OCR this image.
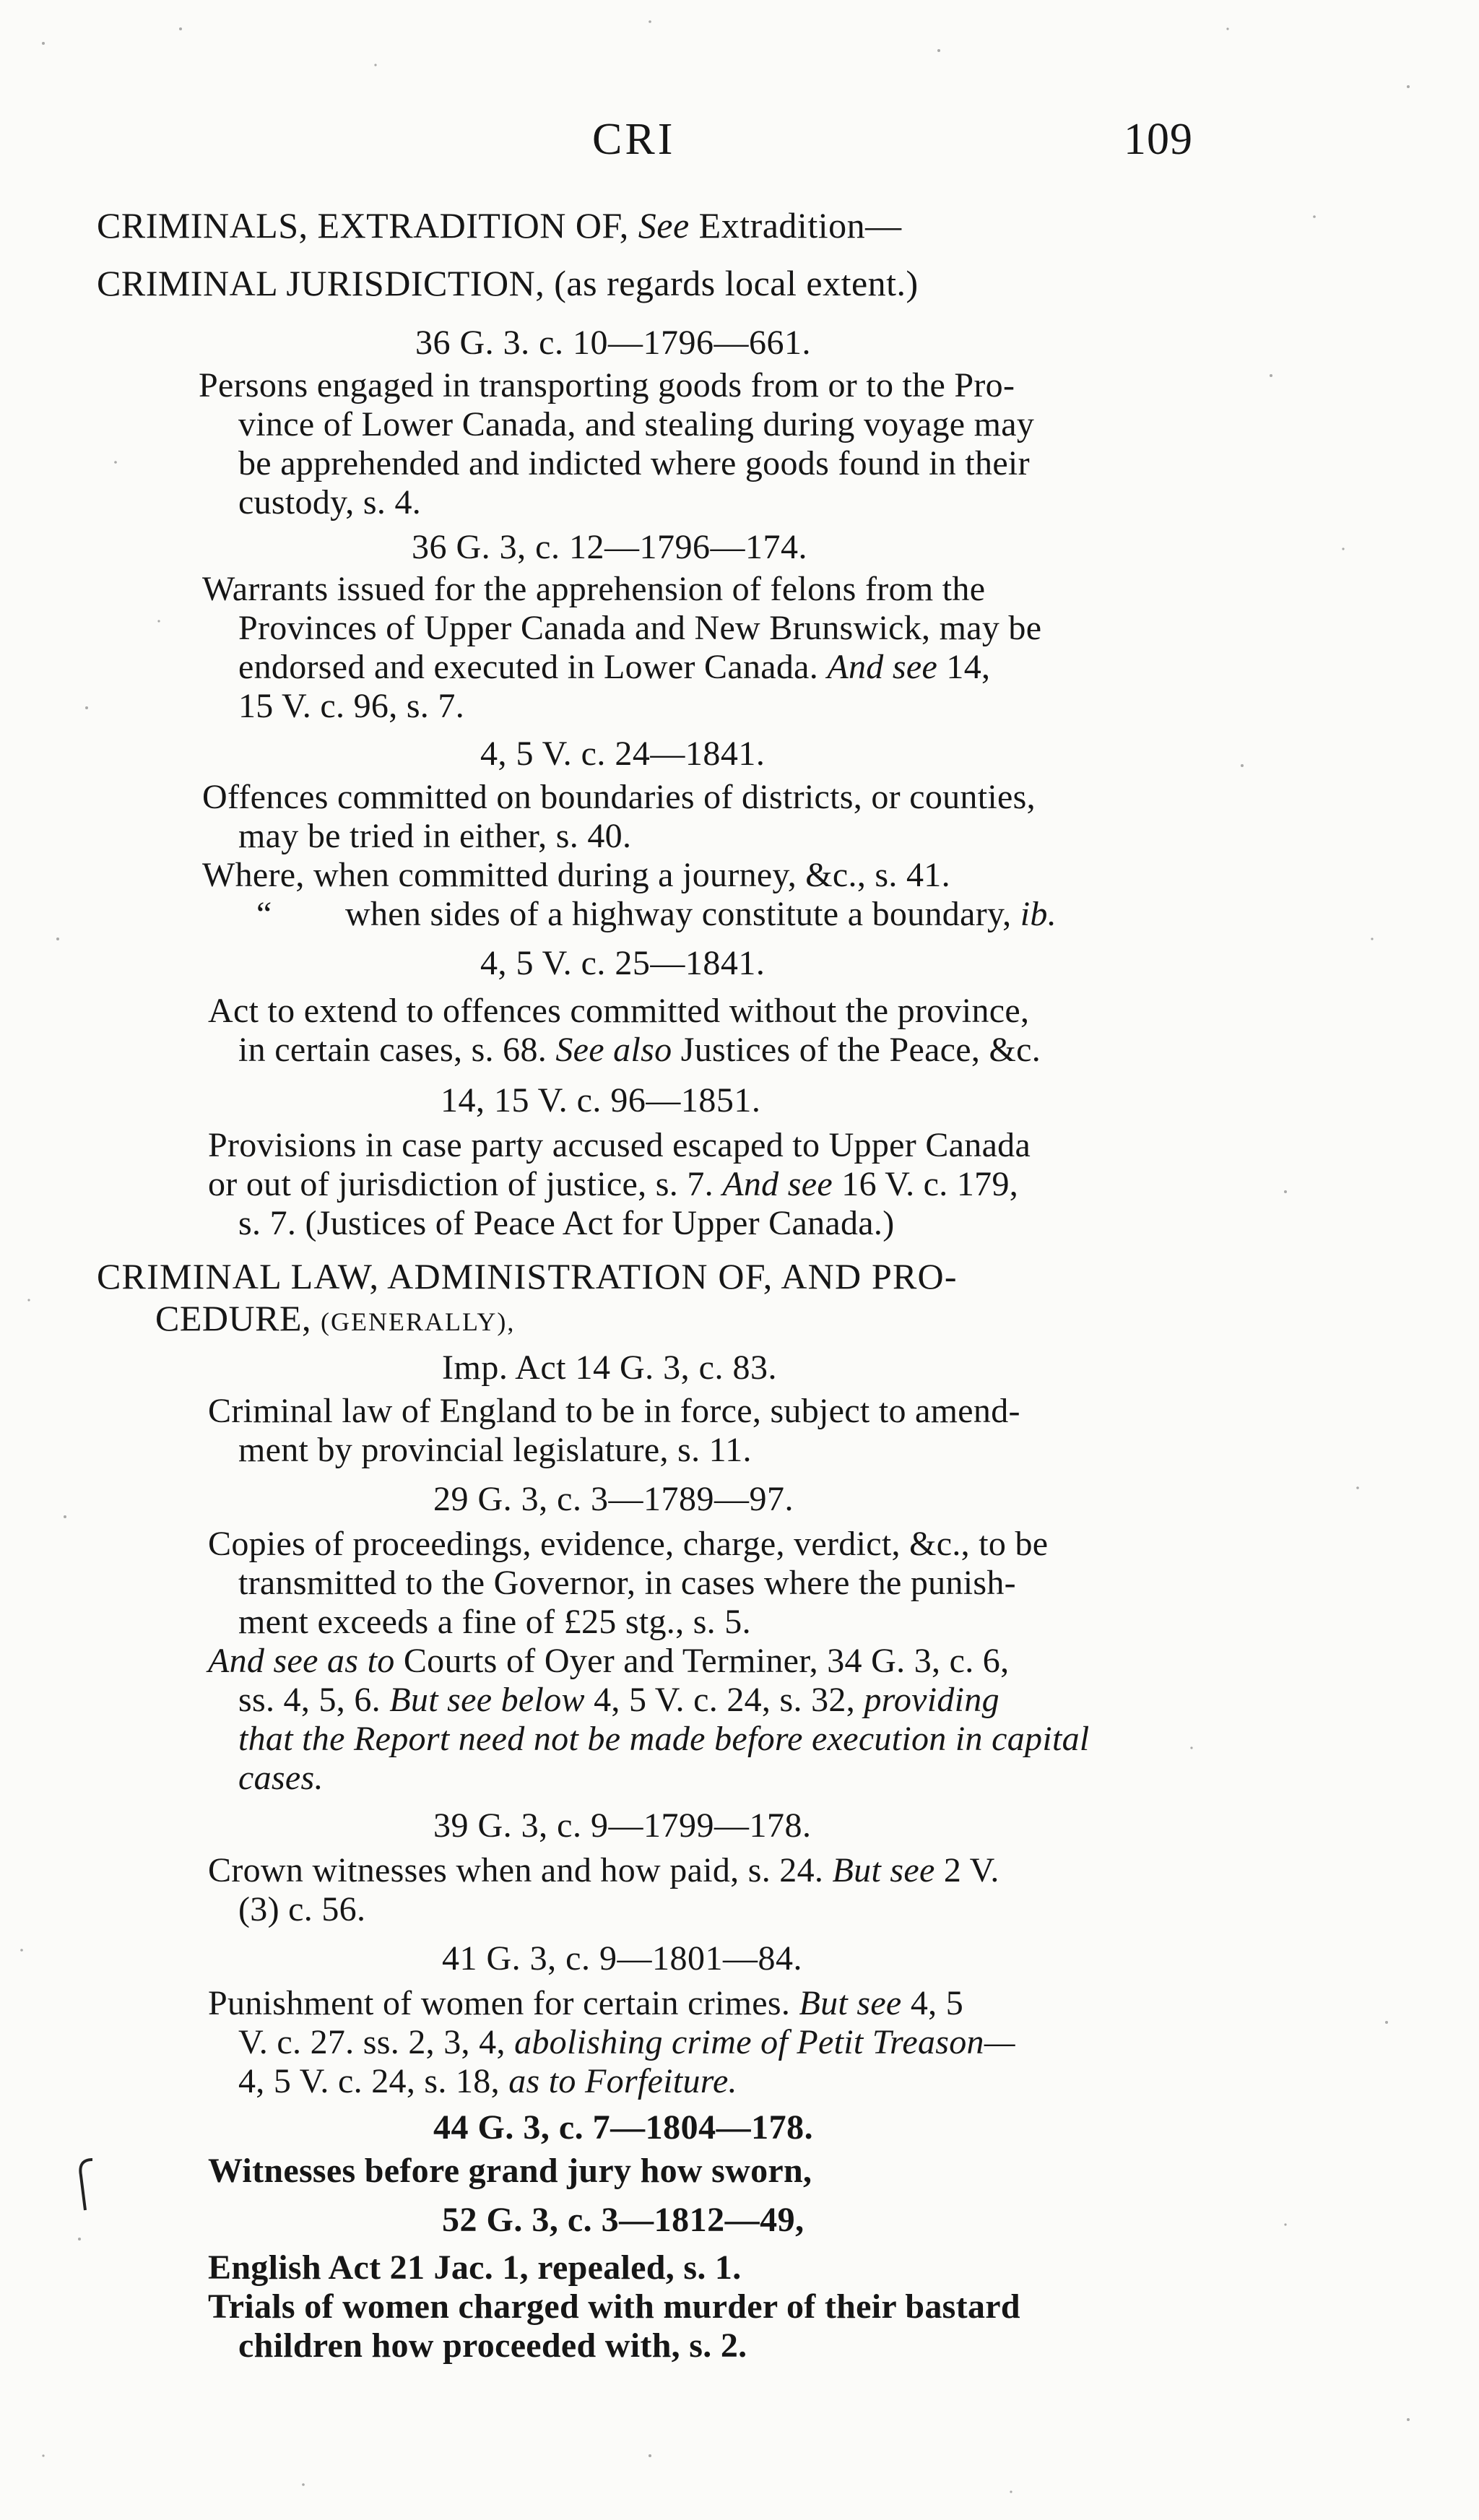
CRI	109
CRIMINALS, EXTRADITION OF, See Extradition—
CRIMINAL JURISDICTION, (as regards local extent.)
36 G. 3. c. 10—1796—661.
Persons engaged in transporting goods from or to the Pro-
vince of Lower Canada, and stealing during voyage may
be apprehended and indicted where goods found in their
custody, s. 4.
36 G. 3, c. 12—1796—174.
Warrants issued for the apprehension of felons from the
Provinces of Upper Canada and New Brunswick, may be
endorsed and executed in Lower Canada. And see 14,
15 V. c. 96, s. 7.
4, 5 V. c. 24—1841.
Offences committed on boundaries of districts, or counties,
may be tried in either, s. 40.
Where, when committed during a journey, &c., s. 41.
“ when sides of a highway constitute a boundary, ib.
4, 5 V. c. 25—1841.
Act to extend to offences committed without the province,
in certain cases, s. 68. See also Justices of the Peace, &c.
14, 15 V. c. 96—1851.
Provisions in case party accused escaped to Upper Canada
or out of jurisdiction of justice, s. 7. And see 16 V. c. 179,
s. 7. (Justices of Peace Act for Upper Canada.)
CRIMINAL LAW, ADMINISTRATION OF, AND PRO-
CEDURE, (GENERALLY),
Imp. Act 14 G. 3, c. 83.
Criminal law of England to be in force, subject to amend-
ment by provincial legislature, s. 11.
29 G. 3, c. 3—1789—97.
Copies of proceedings, evidence, charge, verdict, &c., to be
transmitted to the Governor, in cases where the punish-
ment exceeds a fine of £25 stg., s. 5.
And see as to Courts of Oyer and Terminer, 34 G. 3, c. 6,
ss. 4, 5, 6. But see below 4, 5 V. c. 24, s. 32, providing
that the Report need not be made before execution in capital
cases.
39 G. 3, c. 9—1799—178.
Crown witnesses when and how paid, s. 24. But see 2 V.
(3) c. 56.
41 G. 3, c. 9—1801—84.
Punishment of women for certain crimes. But see 4, 5
V. c. 27. ss. 2, 3, 4, abolishing crime of Petit Treason—
4, 5 V. c. 24, s. 18, as to Forfeiture.
44 G. 3, c. 7—1804—178.
Witnesses before grand jury how sworn,
52 G. 3, c. 3—1812—49,
English Act 21 Jac. 1, repealed, s. 1.
Trials of women charged with murder of their bastard
children how proceeded with, s. 2.
